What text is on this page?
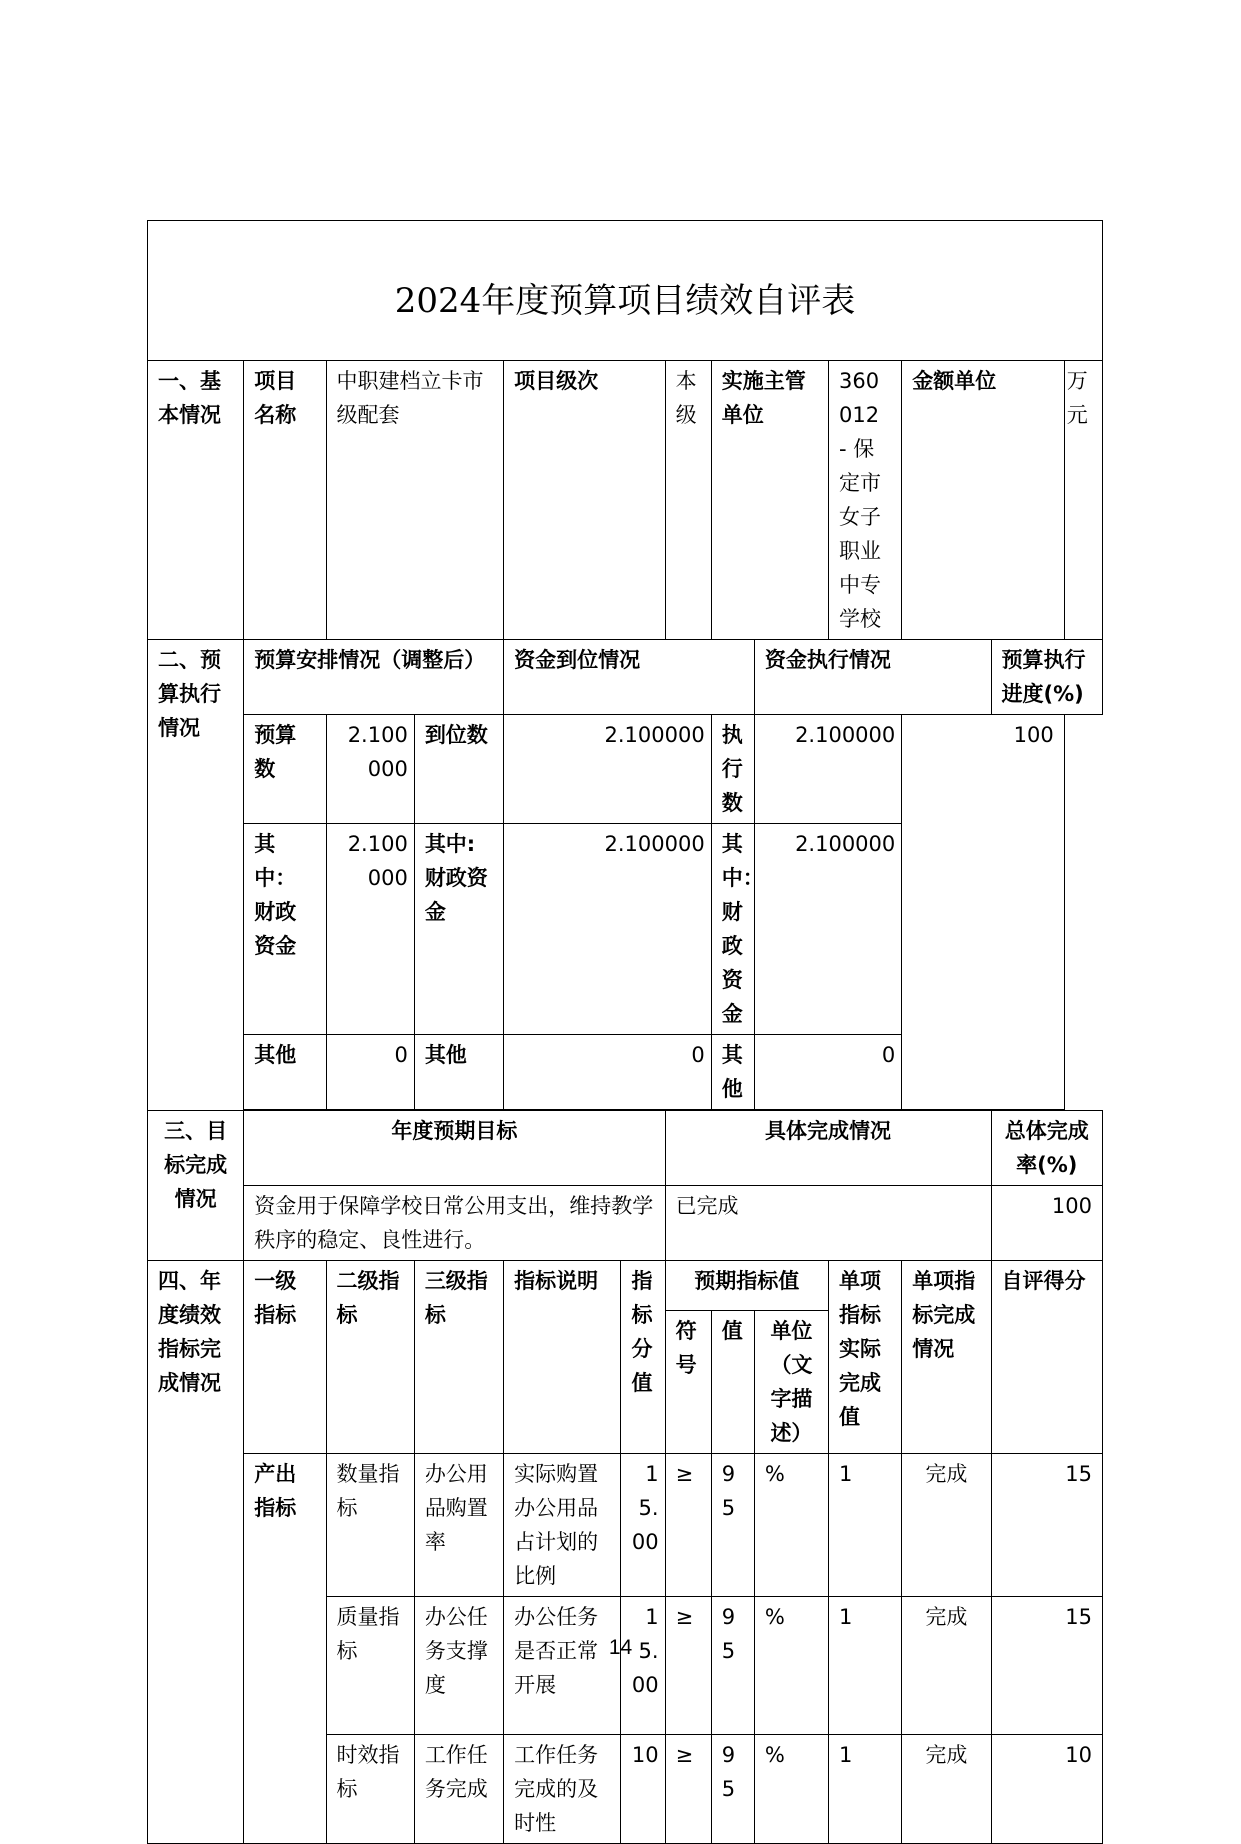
2024年度预算项目绩效自评表
一、基本情况	项目名称	中职建档立卡市级配套		项目级次		本级	实施主管单位		360012 - 保定市女子职业中专学校	金额单位		万元
二、预算执行情况	预算安排情况（调整后）			资金到位情况				资金执行情况			预算执行进度(%)	
	预算数	2.100000	到位数	2.100000			执行数	2.100000		100		
	其中：财政资金	2.100000	其中:财政资金	2.100000			其中：财政资金	2.100000				
	其他	0	其他	0			其他	0				

三、目标完成情况	年度预期目标					具体完成情况					总体完成率(%)	
	资金用于保障学校日常公用支出，维持教学秩序的稳定、良性进行。					已完成					100	
四、年度绩效指标完成情况	一级指标	二级指标	三级指标	指标说明	指标分值	预期指标值			单项指标实际完成值	单项指标完成情况	自评得分	
						符号	值	单位（文字描述）				
	产出指标	数量指标	办公用品购置率	实际购置办公用品占计划的比例	15.00	≥	95	%	1	完成	15	
		质量指标	办公任务支撑度	办公任务是否正常开展	15.00	≥	95	%	1	完成	15	
		时效指标	工作任务完成	工作任务完成的及时性	10	≥	95	%	1	完成	10	
14
